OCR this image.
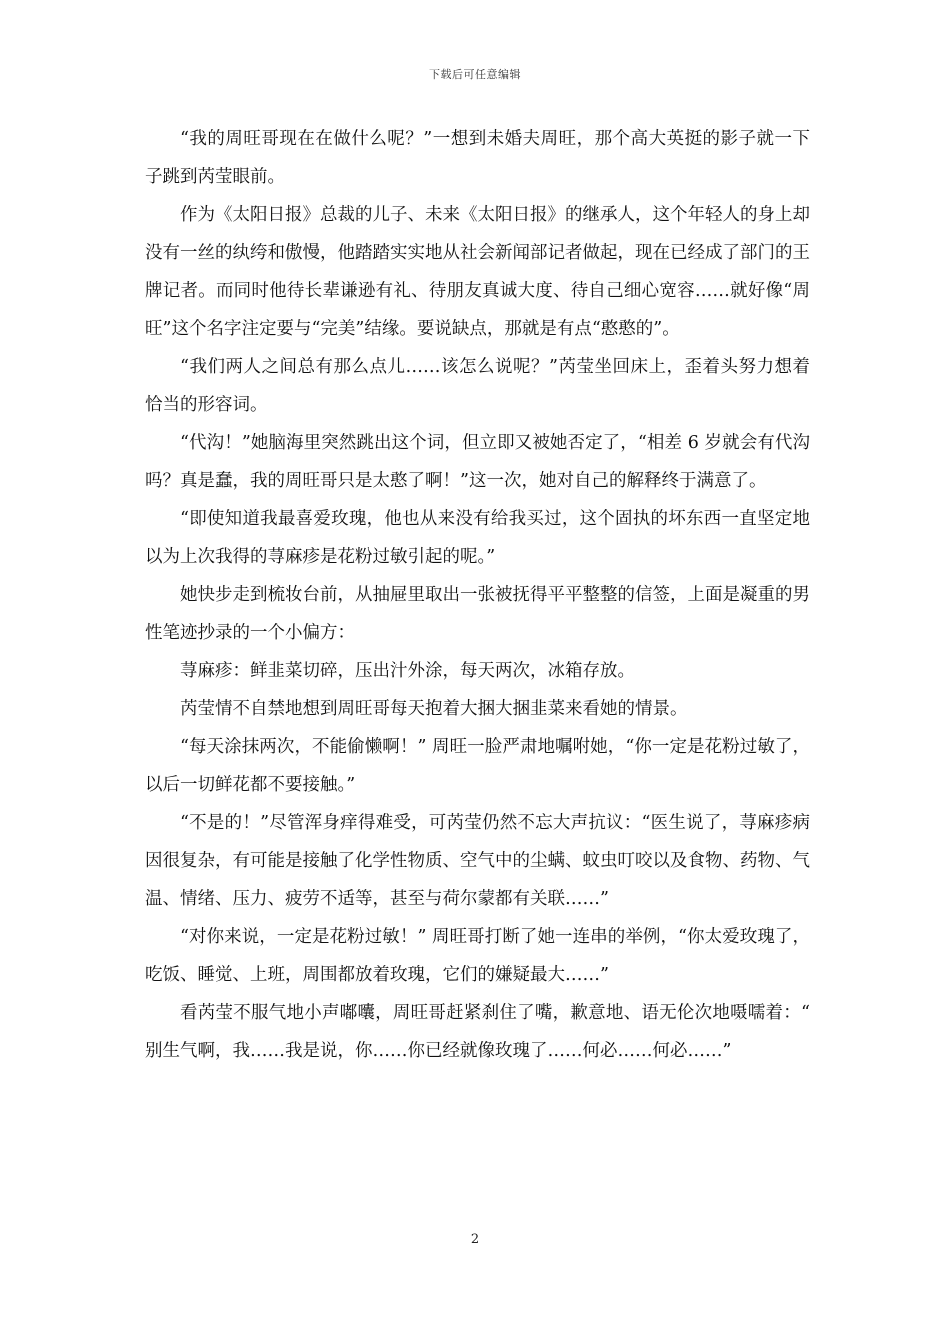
下载后可任意编辑

“我的周旺哥现在在做什么呢？”一想到未婚夫周旺，那个高大英挺的影子就一下子跳到芮莹眼前。

作为《太阳日报》总裁的儿子、未来《太阳日报》的继承人，这个年轻人的身上却没有一丝的纨绔和傲慢，他踏踏实实地从社会新闻部记者做起，现在已经成了部门的王牌记者。而同时他待长辈谦逊有礼、待朋友真诚大度、待自己细心宽容……就好像“周旺”这个名字注定要与“完美”结缘。要说缺点，那就是有点“憨憨的”。

“我们两人之间总有那么点儿……该怎么说呢？”芮莹坐回床上，歪着头努力想着恰当的形容词。

“代沟！”她脑海里突然跳出这个词，但立即又被她否定了，“相差 6 岁就会有代沟吗？真是蠢，我的周旺哥只是太憨了啊！”这一次，她对自己的解释终于满意了。

“即使知道我最喜爱玫瑰，他也从来没有给我买过，这个固执的坏东西一直坚定地以为上次我得的荨麻疹是花粉过敏引起的呢。”

她快步走到梳妆台前，从抽屉里取出一张被抚得平平整整的信签，上面是凝重的男性笔迹抄录的一个小偏方：

荨麻疹：鲜韭菜切碎，压出汁外涂，每天两次，冰箱存放。

芮莹情不自禁地想到周旺哥每天抱着大捆大捆韭菜来看她的情景。

“每天涂抹两次，不能偷懒啊！” 周旺一脸严肃地嘱咐她，“你一定是花粉过敏了，以后一切鲜花都不要接触。”

“不是的！”尽管浑身痒得难受，可芮莹仍然不忘大声抗议：“医生说了，荨麻疹病因很复杂，有可能是接触了化学性物质、空气中的尘螨、蚊虫叮咬以及食物、药物、气温、情绪、压力、疲劳不适等，甚至与荷尔蒙都有关联……”

“对你来说，一定是花粉过敏！” 周旺哥打断了她一连串的举例，“你太爱玫瑰了，吃饭、睡觉、上班，周围都放着玫瑰，它们的嫌疑最大……”

看芮莹不服气地小声嘟囔，周旺哥赶紧刹住了嘴，歉意地、语无伦次地嗫嚅着：“别生气啊，我……我是说，你……你已经就像玫瑰了……何必……何必……”

2
